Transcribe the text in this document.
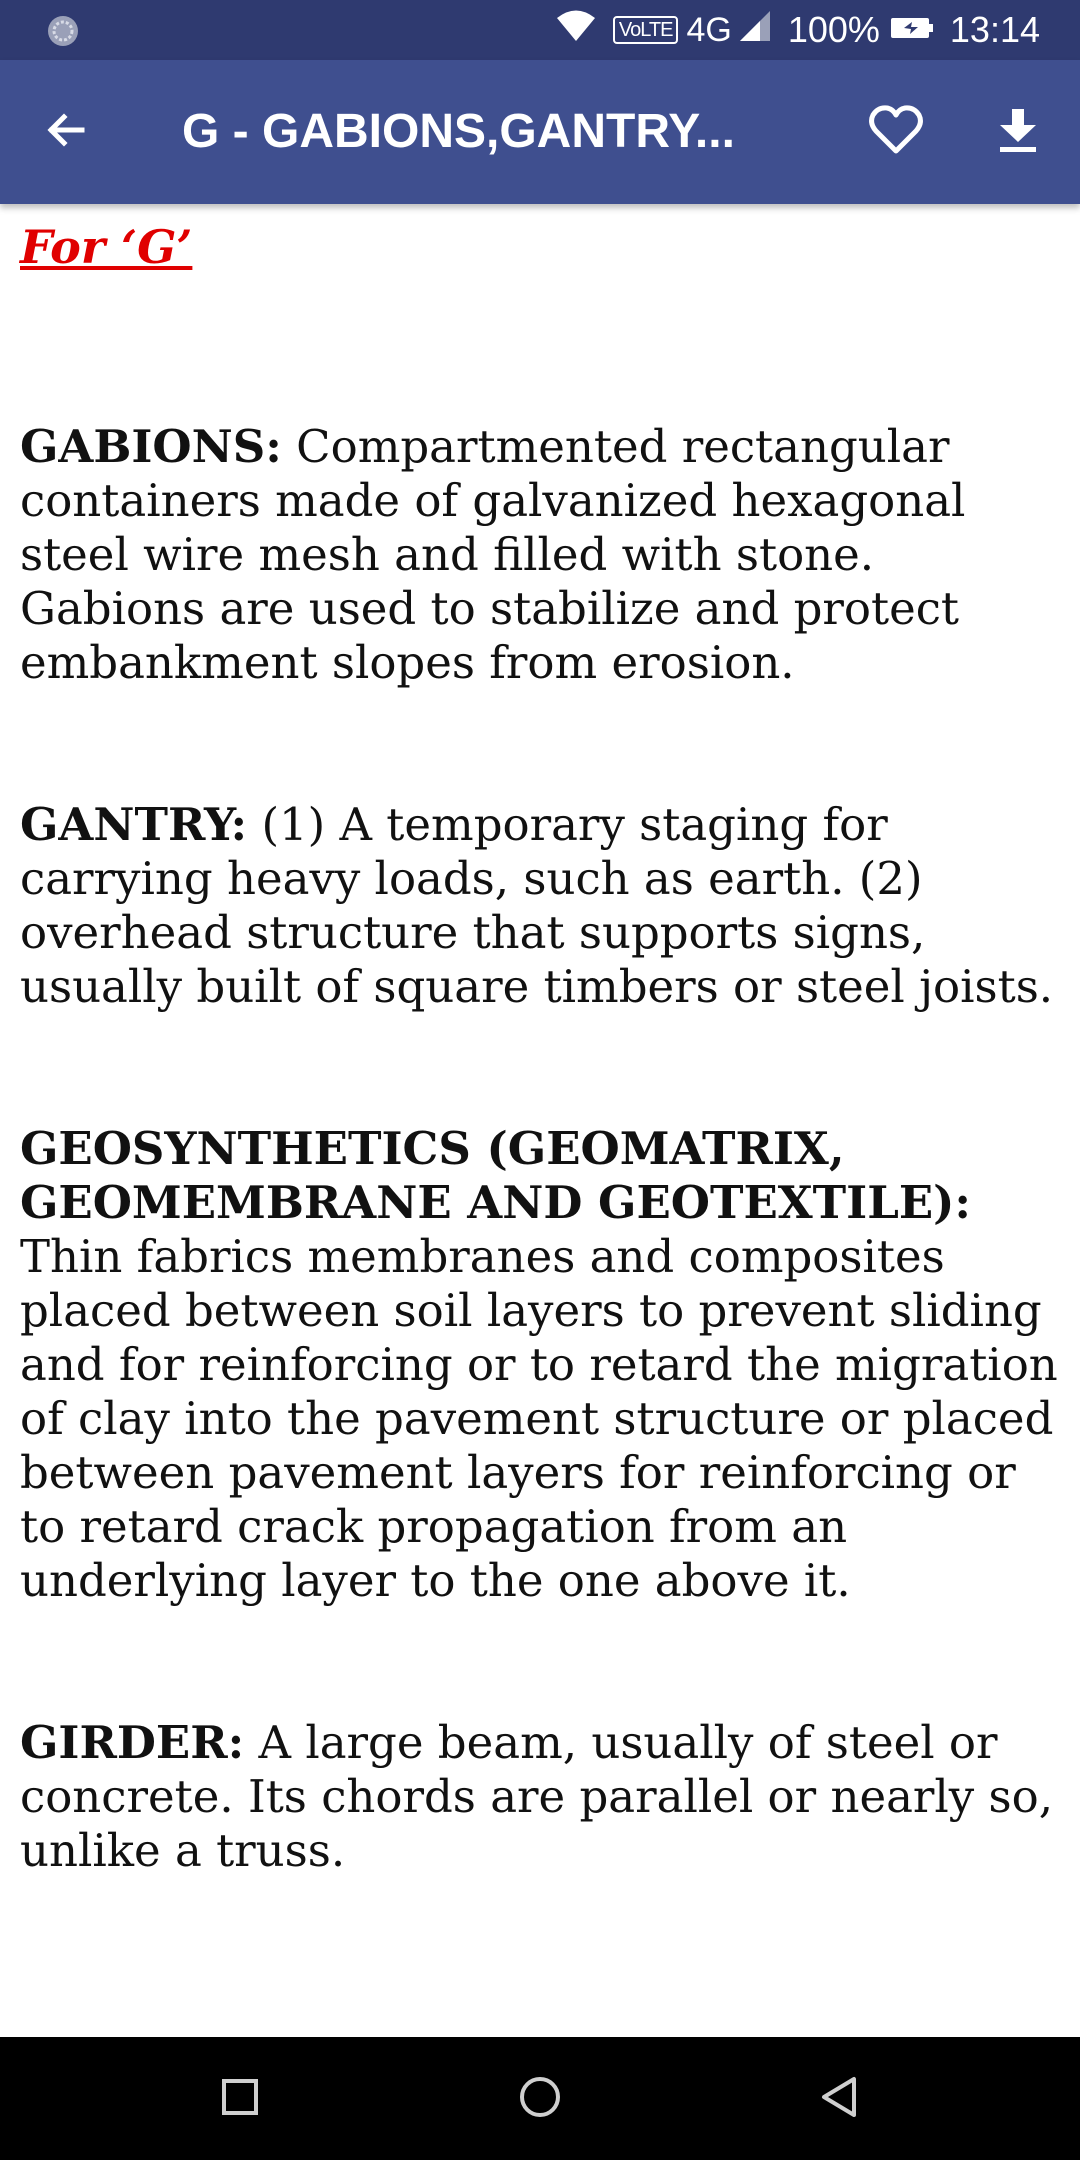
VoLTE 4G 100% 13:14
G - GABIONS,GANTRY...
For ‘G’

GABIONS: Compartmented rectangular containers made of galvanized hexagonal steel wire mesh and filled with stone. Gabions are used to stabilize and protect embankment slopes from erosion.

GANTRY: (1) A temporary staging for carrying heavy loads, such as earth. (2) overhead structure that supports signs, usually built of square timbers or steel joists.

GEOSYNTHETICS (GEOMATRIX, GEOMEMBRANE AND GEOTEXTILE): Thin fabrics membranes and composites placed between soil layers to prevent sliding and for reinforcing or to retard the migration of clay into the pavement structure or placed between pavement layers for reinforcing or to retard crack propagation from an underlying layer to the one above it.

GIRDER: A large beam, usually of steel or concrete. Its chords are parallel or nearly so, unlike a truss.
